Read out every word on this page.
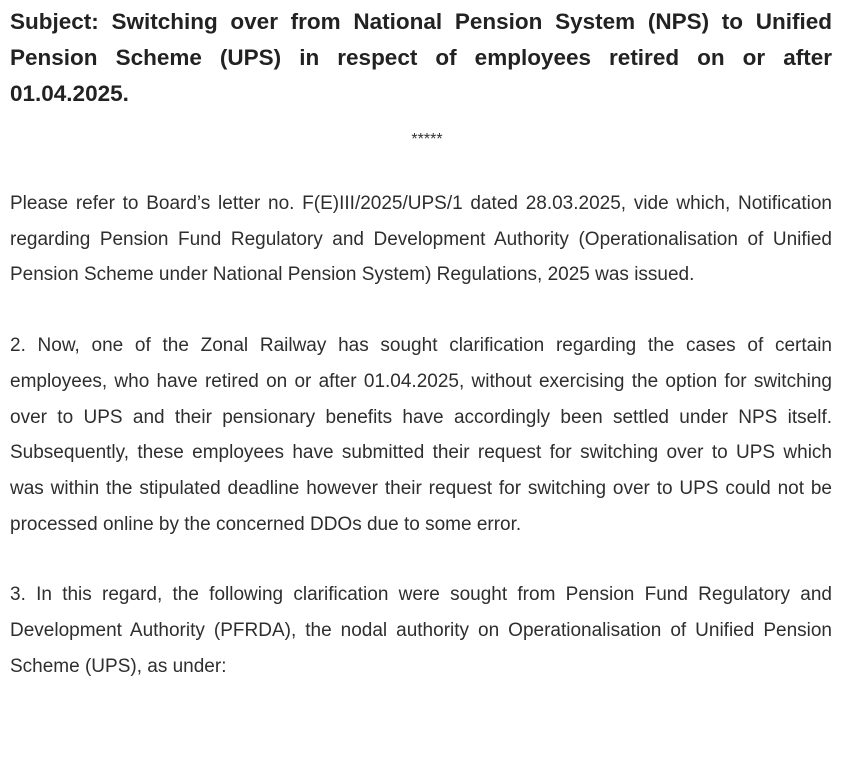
Subject: Switching over from National Pension System (NPS) to Unified Pension Scheme (UPS) in respect of employees retired on or after 01.04.2025.
*****

Please refer to Board’s letter no. F(E)III/2025/UPS/1 dated 28.03.2025, vide which, Notification regarding Pension Fund Regulatory and Development Authority (Operationalisation of Unified Pension Scheme under National Pension System) Regulations, 2025 was issued.

2. Now, one of the Zonal Railway has sought clarification regarding the cases of certain employees, who have retired on or after 01.04.2025, without exercising the option for switching over to UPS and their pensionary benefits have accordingly been settled under NPS itself. Subsequently, these employees have submitted their request for switching over to UPS which was within the stipulated deadline however their request for switching over to UPS could not be processed online by the concerned DDOs due to some error.

3. In this regard, the following clarification were sought from Pension Fund Regulatory and Development Authority (PFRDA), the nodal authority on Operationalisation of Unified Pension Scheme (UPS), as under:
